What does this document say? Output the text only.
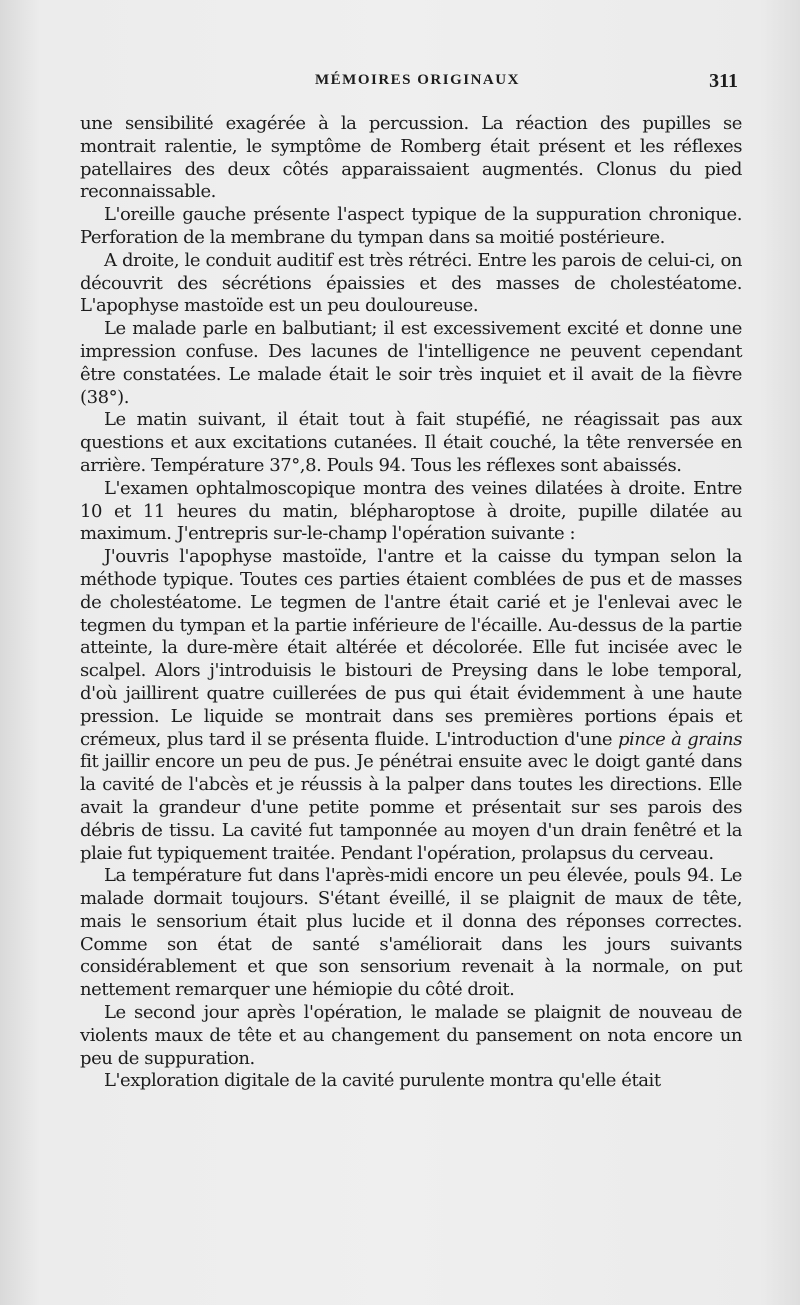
MÉMOIRES ORIGINAUX	311

une sensibilité exagérée à la percussion. La réaction des pupilles se montrait ralentie, le symptôme de Romberg était présent et les réflexes patellaires des deux côtés apparaissaient augmentés. Clonus du pied reconnaissable.

L'oreille gauche présente l'aspect typique de la suppuration chronique. Perforation de la membrane du tympan dans sa moitié postérieure.

A droite, le conduit auditif est très rétréci. Entre les parois de celui-ci, on découvrit des sécrétions épaissies et des masses de cholestéatome. L'apophyse mastoïde est un peu douloureuse.

Le malade parle en balbutiant; il est excessivement excité et donne une impression confuse. Des lacunes de l'intelligence ne peuvent cependant être constatées. Le malade était le soir très inquiet et il avait de la fièvre (38°).

Le matin suivant, il était tout à fait stupéfié, ne réagissait pas aux questions et aux excitations cutanées. Il était couché, la tête renversée en arrière. Température 37°,8. Pouls 94. Tous les réflexes sont abaissés.

L'examen ophtalmoscopique montra des veines dilatées à droite. Entre 10 et 11 heures du matin, blépharoptose à droite, pupille dilatée au maximum. J'entrepris sur-le-champ l'opération suivante :

J'ouvris l'apophyse mastoïde, l'antre et la caisse du tympan selon la méthode typique. Toutes ces parties étaient comblées de pus et de masses de cholestéatome. Le tegmen de l'antre était carié et je l'enlevai avec le tegmen du tympan et la partie inférieure de l'écaille. Au-dessus de la partie atteinte, la dure-mère était altérée et décolorée. Elle fut incisée avec le scalpel. Alors j'introduisis le bistouri de Preysing dans le lobe temporal, d'où jaillirent quatre cuillerées de pus qui était évidemment à une haute pression. Le liquide se montrait dans ses premières portions épais et crémeux, plus tard il se présenta fluide. L'introduction d'une pince à grains fit jaillir encore un peu de pus. Je pénétrai ensuite avec le doigt ganté dans la cavité de l'abcès et je réussis à la palper dans toutes les directions. Elle avait la grandeur d'une petite pomme et présentait sur ses parois des débris de tissu. La cavité fut tamponnée au moyen d'un drain fenêtré et la plaie fut typiquement traitée. Pendant l'opération, prolapsus du cerveau.

La température fut dans l'après-midi encore un peu élevée, pouls 94. Le malade dormait toujours. S'étant éveillé, il se plaignit de maux de tête, mais le sensorium était plus lucide et il donna des réponses correctes. Comme son état de santé s'améliorait dans les jours suivants considérablement et que son sensorium revenait à la normale, on put nettement remarquer une hémiopie du côté droit.

Le second jour après l'opération, le malade se plaignit de nouveau de violents maux de tête et au changement du pansement on nota encore un peu de suppuration.

L'exploration digitale de la cavité purulente montra qu'elle était
